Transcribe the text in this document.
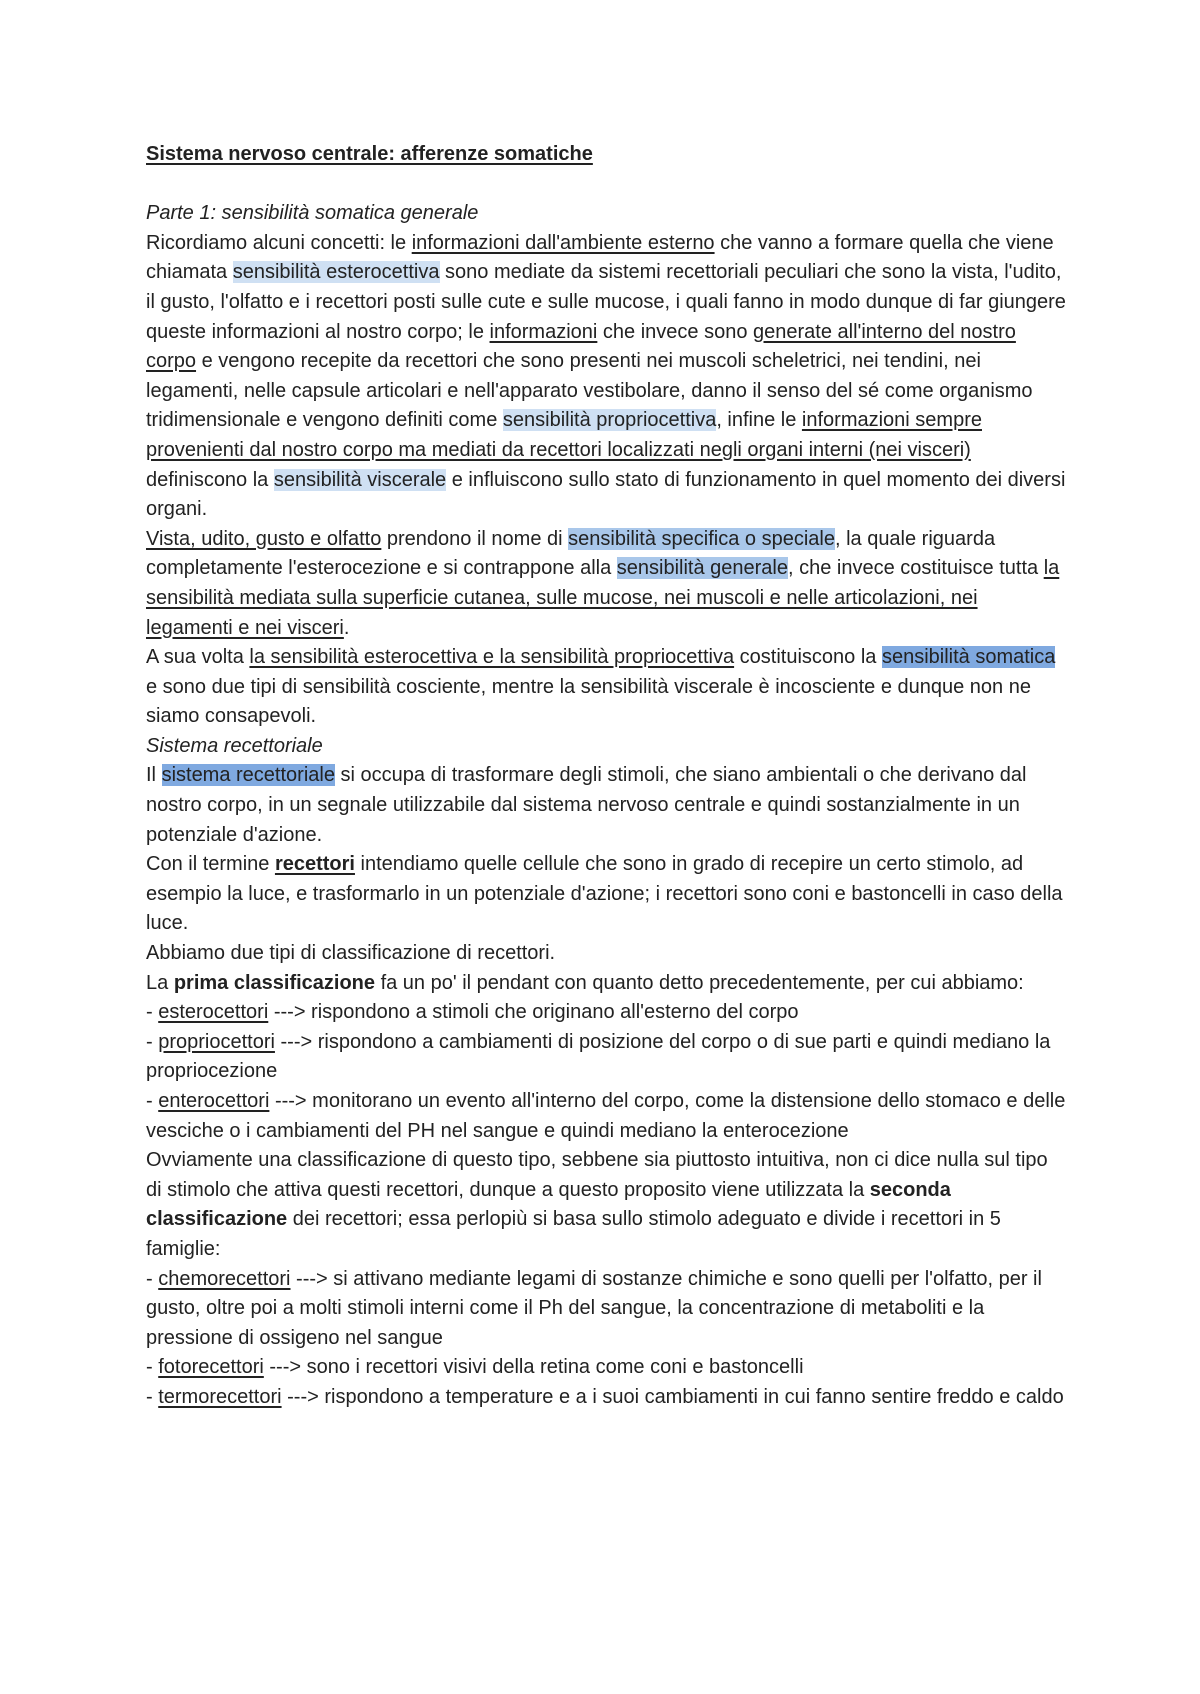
Sistema nervoso centrale: afferenze somatiche

Parte 1: sensibilità somatica generale

Ricordiamo alcuni concetti: le informazioni dall'ambiente esterno che vanno a formare quella che viene chiamata sensibilità esterocettiva sono mediate da sistemi recettoriali peculiari che sono la vista, l'udito, il gusto, l'olfatto e i recettori posti sulle cute e sulle mucose, i quali fanno in modo dunque di far giungere queste informazioni al nostro corpo; le informazioni che invece sono generate all'interno del nostro corpo e vengono recepite da recettori che sono presenti nei muscoli scheletrici, nei tendini, nei legamenti, nelle capsule articolari e nell'apparato vestibolare, danno il senso del sé come organismo tridimensionale e vengono definiti come sensibilità propriocettiva, infine le informazioni sempre provenienti dal nostro corpo ma mediati da recettori localizzati negli organi interni (nei visceri) definiscono la sensibilità viscerale e influiscono sullo stato di funzionamento in quel momento dei diversi organi.

Vista, udito, gusto e olfatto prendono il nome di sensibilità specifica o speciale, la quale riguarda completamente l'esterocezione e si contrappone alla sensibilità generale, che invece costituisce tutta la sensibilità mediata sulla superficie cutanea, sulle mucose, nei muscoli e nelle articolazioni, nei legamenti e nei visceri.

A sua volta la sensibilità esterocettiva e la sensibilità propriocettiva costituiscono la sensibilità somatica e sono due tipi di sensibilità cosciente, mentre la sensibilità viscerale è incosciente e dunque non ne siamo consapevoli.

Sistema recettoriale

Il sistema recettoriale si occupa di trasformare degli stimoli, che siano ambientali o che derivano dal nostro corpo, in un segnale utilizzabile dal sistema nervoso centrale e quindi sostanzialmente in un potenziale d'azione.

Con il termine recettori intendiamo quelle cellule che sono in grado di recepire un certo stimolo, ad esempio la luce, e trasformarlo in un potenziale d'azione; i recettori sono coni e bastoncelli in caso della luce.

Abbiamo due tipi di classificazione di recettori.

La prima classificazione fa un po' il pendant con quanto detto precedentemente, per cui abbiamo:

- esterocettori ---> rispondono a stimoli che originano all'esterno del corpo

- propriocettori ---> rispondono a cambiamenti di posizione del corpo o di sue parti e quindi mediano la propriocezione

- enterocettori ---> monitorano un evento all'interno del corpo, come la distensione dello stomaco e delle vesciche o i cambiamenti del PH nel sangue e quindi mediano la enterocezione

Ovviamente una classificazione di questo tipo, sebbene sia piuttosto intuitiva, non ci dice nulla sul tipo di stimolo che attiva questi recettori, dunque a questo proposito viene utilizzata la seconda classificazione dei recettori; essa perlopiù si basa sullo stimolo adeguato e divide i recettori in 5 famiglie:

- chemorecettori ---> si attivano mediante legami di sostanze chimiche e sono quelli per l'olfatto, per il gusto, oltre poi a molti stimoli interni come il Ph del sangue, la concentrazione di metaboliti e la pressione di ossigeno nel sangue

- fotorecettori ---> sono i recettori visivi della retina come coni e bastoncelli

- termorecettori ---> rispondono a temperature e a i suoi cambiamenti in cui fanno sentire freddo e caldo
